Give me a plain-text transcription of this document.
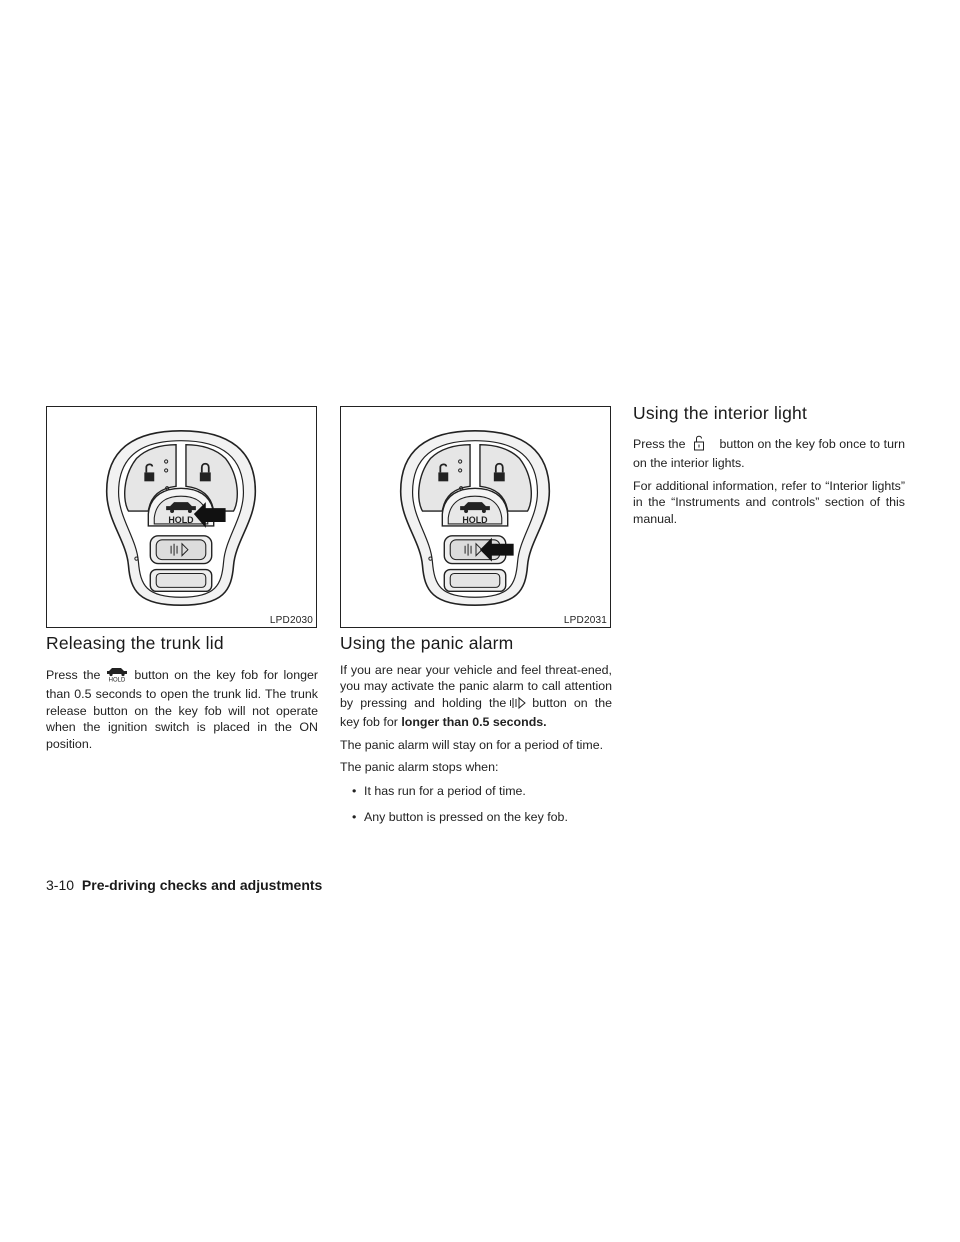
HOLD
LPD2030
HOLD
LPD2031
Releasing the trunk lid

Press the HOLD button on the key fob for longer than 0.5 seconds to open the trunk lid. The trunk release button on the key fob will not operate when the ignition switch is placed in the ON position.

Using the panic alarm

If you are near your vehicle and feel threat-ened, you may activate the panic alarm to call attention by pressing and holding the button on the key fob for longer than 0.5 seconds.

The panic alarm will stay on for a period of time.

The panic alarm stops when:

• It has run for a period of time.
• Any button is pressed on the key fob.
Using the interior light

Press the	button on the key fob once to turn on the interior lights.

For additional information, refer to “Interior lights” in the “Instruments and controls” section of this manual.

3-10 Pre-driving checks and adjustments
